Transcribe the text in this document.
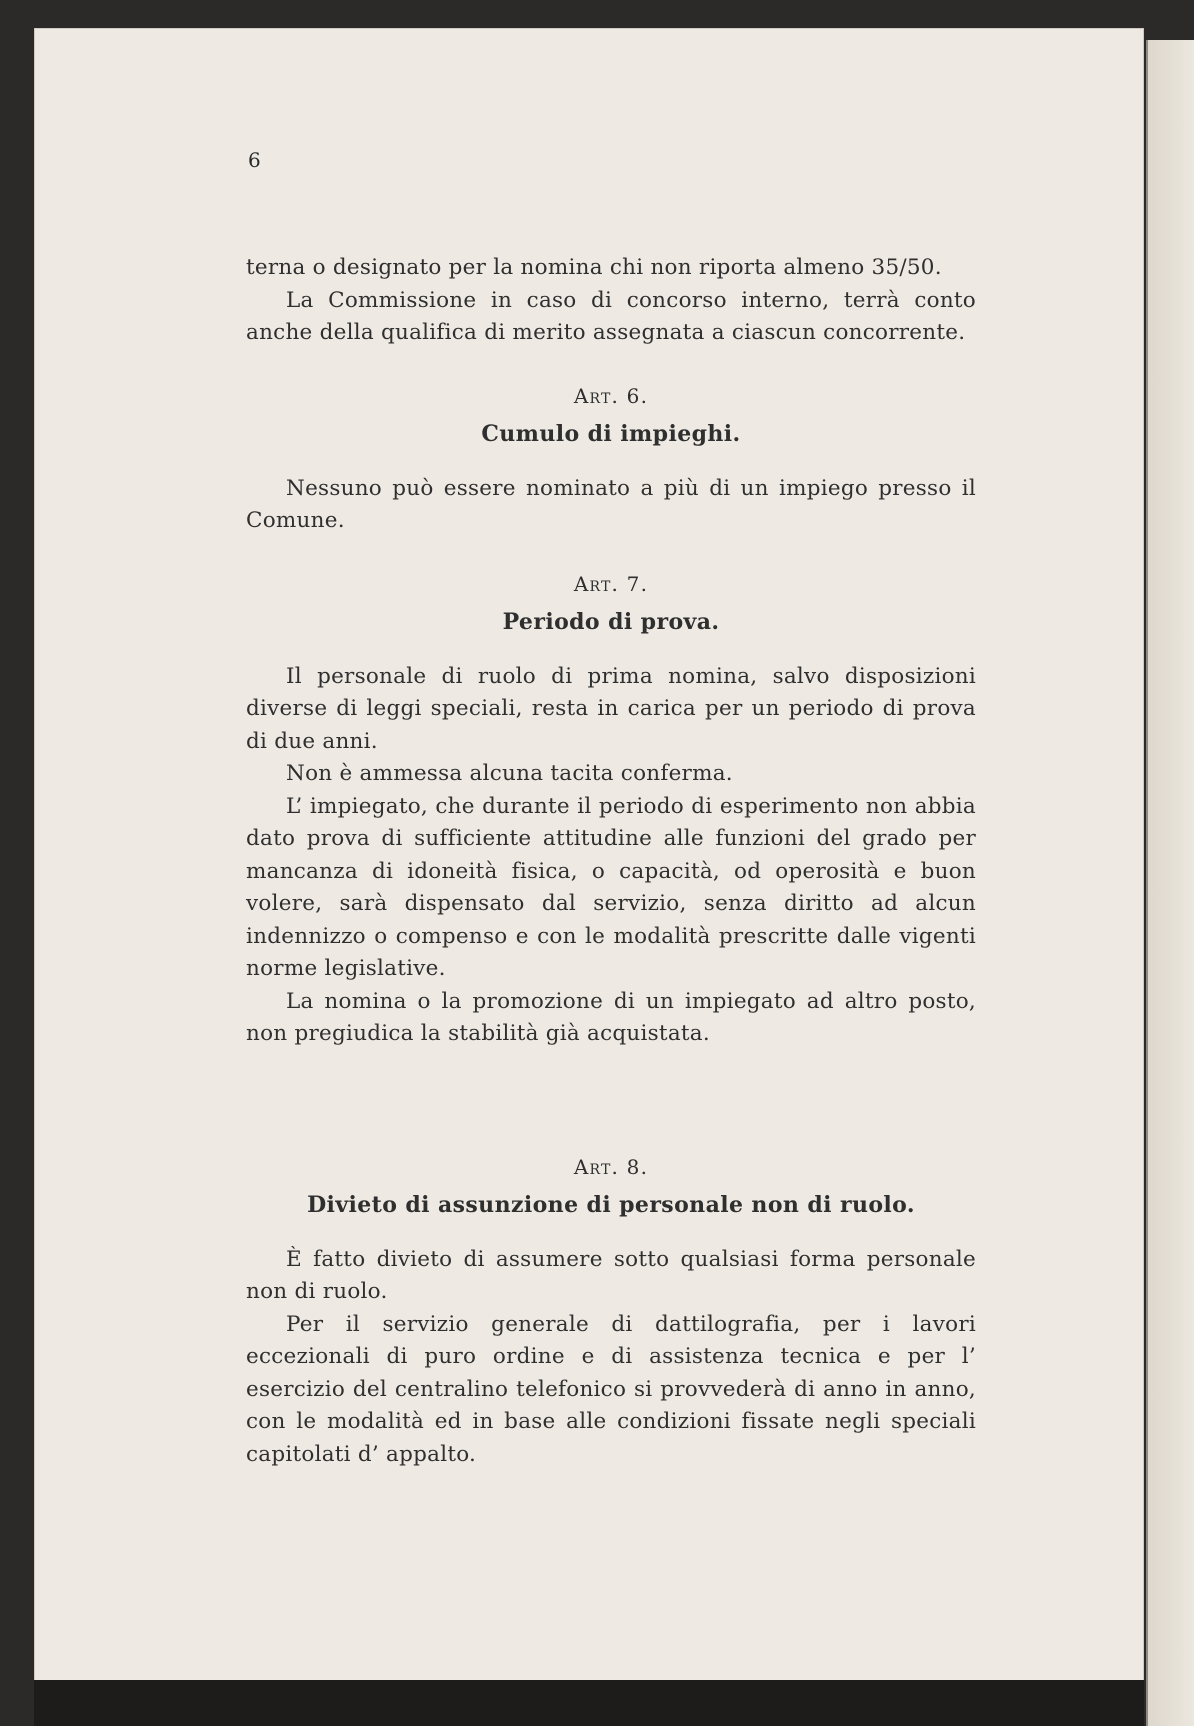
6

terna o designato per la nomina chi non riporta almeno 35/50.

La Commissione in caso di concorso interno, terrà conto anche della qualifica di merito assegnata a ciascun concorrente.

Art. 6.
Cumulo di impieghi.

Nessuno può essere nominato a più di un impiego presso il Comune.

Art. 7.
Periodo di prova.

Il personale di ruolo di prima nomina, salvo disposizioni diverse di leggi speciali, resta in carica per un periodo di prova di due anni.

Non è ammessa alcuna tacita conferma.

L’ impiegato, che durante il periodo di esperimento non abbia dato prova di sufficiente attitudine alle funzioni del grado per mancanza di idoneità fisica, o capacità, od operosità e buon volere, sarà dispensato dal servizio, senza diritto ad alcun indennizzo o compenso e con le modalità prescritte dalle vigenti norme legislative.

La nomina o la promozione di un impiegato ad altro posto, non pregiudica la stabilità già acquistata.

Art. 8.
Divieto di assunzione di personale non di ruolo.

È fatto divieto di assumere sotto qualsiasi forma personale non di ruolo.

Per il servizio generale di dattilografia, per i lavori eccezionali di puro ordine e di assistenza tecnica e per l’ esercizio del centralino telefonico si provvederà di anno in anno, con le modalità ed in base alle condizioni fissate negli speciali capitolati d’ appalto.
